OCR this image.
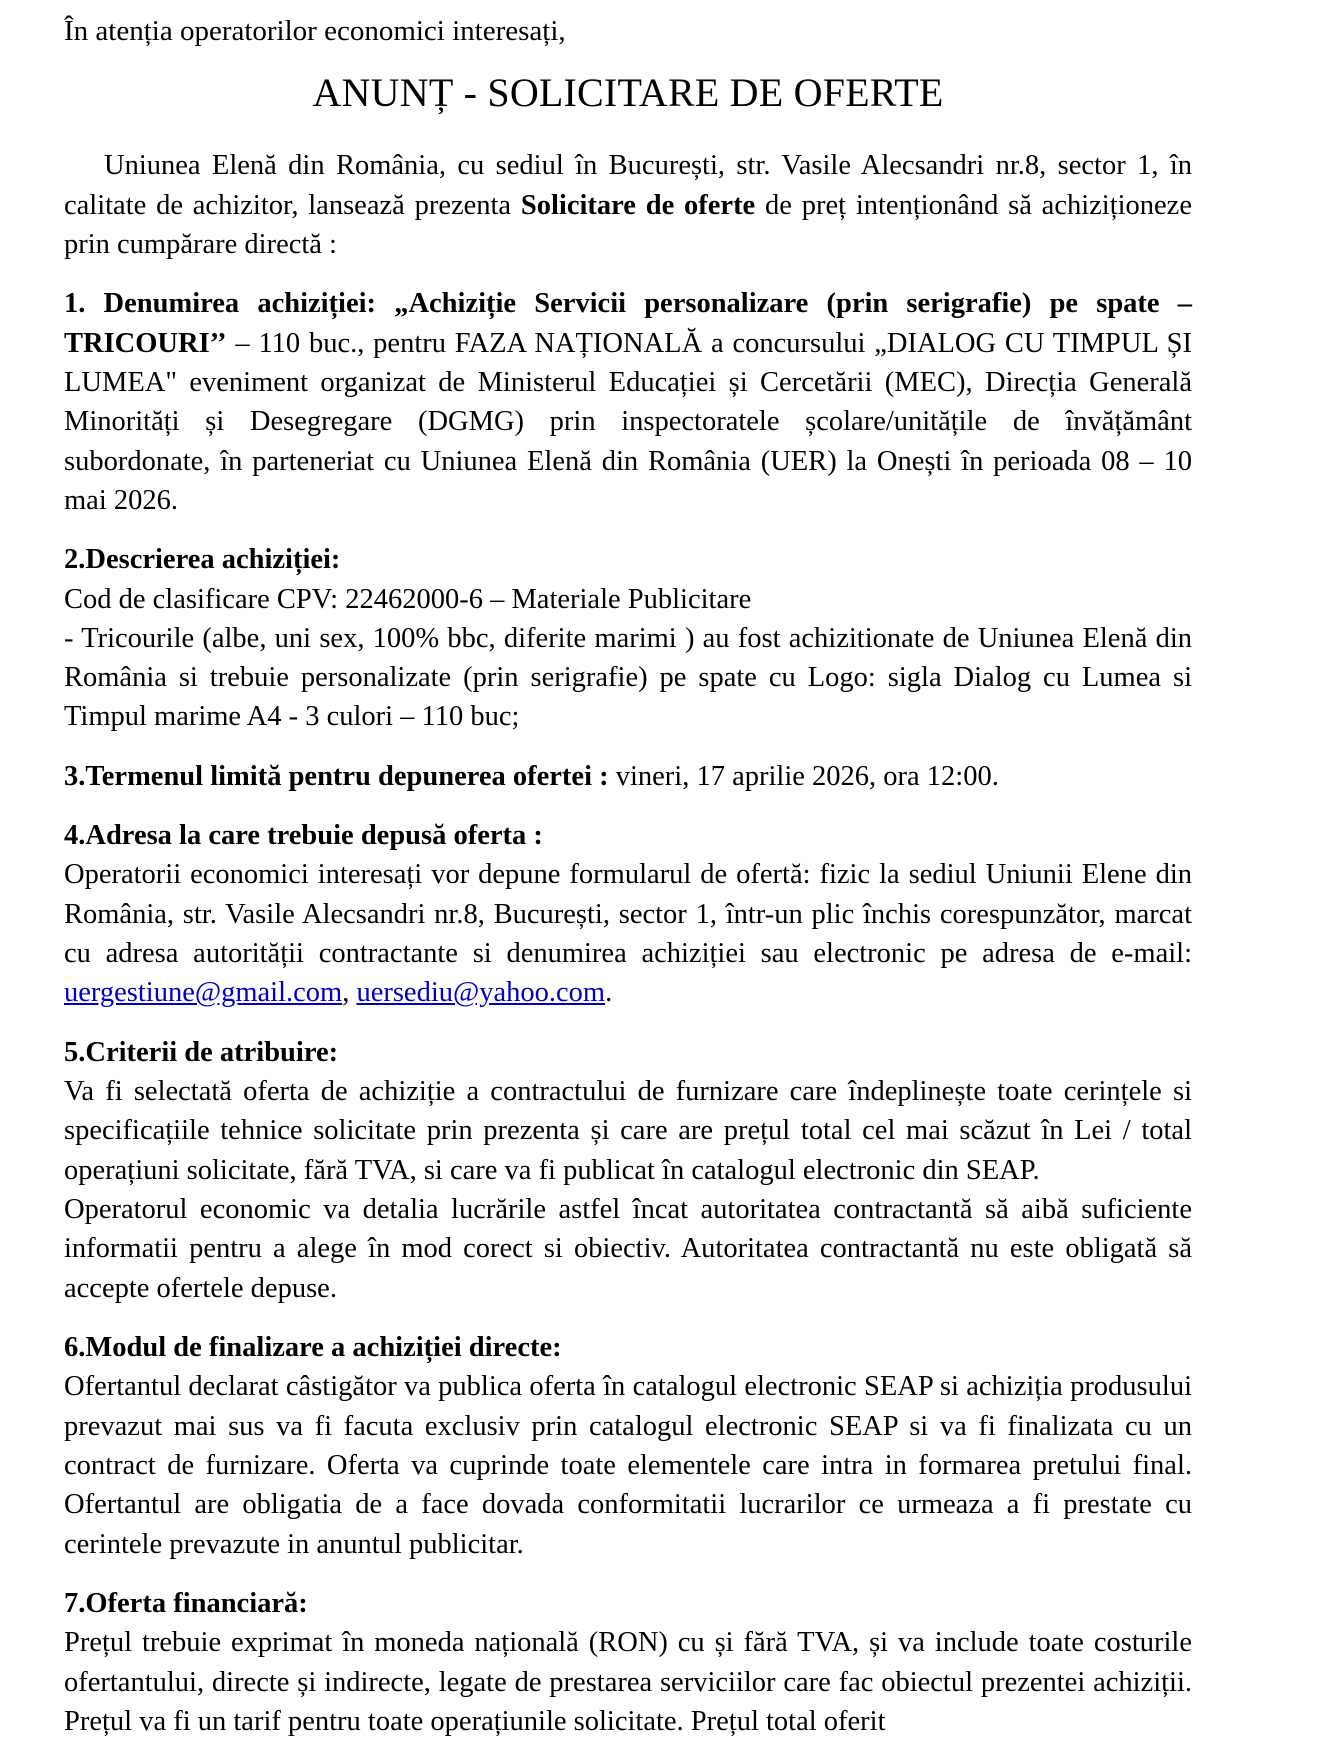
În atenția operatorilor economici interesați,

ANUNȚ - SOLICITARE DE OFERTE

Uniunea Elenă din România, cu sediul în București, str. Vasile Alecsandri nr.8, sector 1, în calitate de achizitor, lansează prezenta Solicitare de oferte de preț intenționând să achiziționeze prin cumpărare directă :

1. Denumirea achiziției: „Achiziție Servicii personalizare (prin serigrafie) pe spate – TRICOURI’’ – 110 buc., pentru FAZA NAȚIONALĂ a concursului „DIALOG CU TIMPUL ȘI LUMEA" eveniment organizat de Ministerul Educației și Cercetării (MEC), Direcția Generală Minorități și Desegregare (DGMG) prin inspectoratele școlare/unitățile de învățământ subordonate, în parteneriat cu Uniunea Elenă din România (UER) la Onești în perioada 08 – 10 mai 2026.

2.Descrierea achiziției:

Cod de clasificare CPV: 22462000-6 – Materiale Publicitare

- Tricourile (albe, uni sex, 100% bbc, diferite marimi ) au fost achizitionate de Uniunea Elenă din România si trebuie personalizate (prin serigrafie) pe spate cu Logo: sigla Dialog cu Lumea si Timpul marime A4 - 3 culori – 110 buc;

3.Termenul limită pentru depunerea ofertei : vineri, 17 aprilie 2026, ora 12:00.

4.Adresa la care trebuie depusă oferta :

Operatorii economici interesați vor depune formularul de ofertă: fizic la sediul Uniunii Elene din România, str. Vasile Alecsandri nr.8, București, sector 1, într-un plic închis corespunzător, marcat cu adresa autorității contractante si denumirea achiziției sau electronic pe adresa de e-mail: uergestiune@gmail.com, uersediu@yahoo.com.

5.Criterii de atribuire:

Va fi selectată oferta de achiziție a contractului de furnizare care îndeplinește toate cerințele si specificațiile tehnice solicitate prin prezenta și care are prețul total cel mai scăzut în Lei / total operațiuni solicitate, fără TVA, si care va fi publicat în catalogul electronic din SEAP.

Operatorul economic va detalia lucrările astfel încat autoritatea contractantă să aibă suficiente informatii pentru a alege în mod corect si obiectiv. Autoritatea contractantă nu este obligată să accepte ofertele depuse.

6.Modul de finalizare a achiziției directe:

Ofertantul declarat câstigător va publica oferta în catalogul electronic SEAP si achiziția produsului prevazut mai sus va fi facuta exclusiv prin catalogul electronic SEAP si va fi finalizata cu un contract de furnizare. Oferta va cuprinde toate elementele care intra in formarea pretului final. Ofertantul are obligatia de a face dovada conformitatii lucrarilor ce urmeaza a fi prestate cu cerintele prevazute in anuntul publicitar.

7.Oferta financiară:

Prețul trebuie exprimat în moneda națională (RON) cu și fără TVA, și va include toate costurile ofertantului, directe și indirecte, legate de prestarea serviciilor care fac obiectul prezentei achiziții. Prețul va fi un tarif pentru toate operațiunile solicitate. Prețul total oferit
